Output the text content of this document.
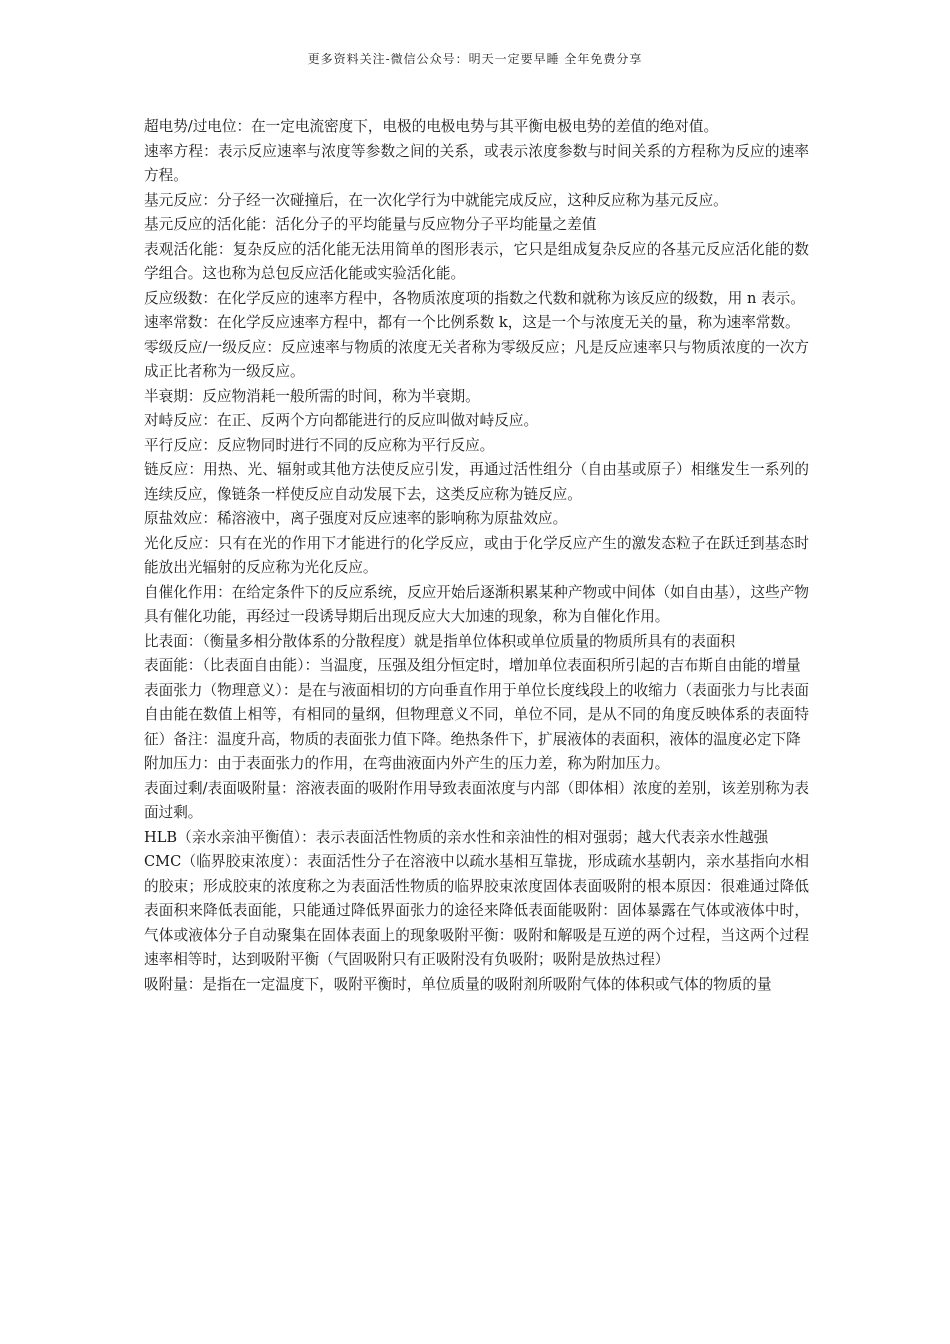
更多资料关注-微信公众号：明天一定要早睡 全年免费分享

超电势/过电位：在一定电流密度下，电极的电极电势与其平衡电极电势的差值的绝对值。

速率方程：表示反应速率与浓度等参数之间的关系，或表示浓度参数与时间关系的方程称为反应的速率方程。

基元反应：分子经一次碰撞后，在一次化学行为中就能完成反应，这种反应称为基元反应。

基元反应的活化能：活化分子的平均能量与反应物分子平均能量之差值

表观活化能：复杂反应的活化能无法用简单的图形表示，它只是组成复杂反应的各基元反应活化能的数学组合。这也称为总包反应活化能或实验活化能。

反应级数：在化学反应的速率方程中，各物质浓度项的指数之代数和就称为该反应的级数，用 n 表示。

速率常数：在化学反应速率方程中，都有一个比例系数 k，这是一个与浓度无关的量，称为速率常数。

零级反应/一级反应：反应速率与物质的浓度无关者称为零级反应；凡是反应速率只与物质浓度的一次方成正比者称为一级反应。

半衰期：反应物消耗一般所需的时间，称为半衰期。

对峙反应：在正、反两个方向都能进行的反应叫做对峙反应。

平行反应：反应物同时进行不同的反应称为平行反应。

链反应：用热、光、辐射或其他方法使反应引发，再通过活性组分（自由基或原子）相继发生一系列的连续反应，像链条一样使反应自动发展下去，这类反应称为链反应。

原盐效应：稀溶液中，离子强度对反应速率的影响称为原盐效应。

光化反应：只有在光的作用下才能进行的化学反应，或由于化学反应产生的激发态粒子在跃迁到基态时能放出光辐射的反应称为光化反应。

自催化作用：在给定条件下的反应系统，反应开始后逐渐积累某种产物或中间体（如自由基），这些产物具有催化功能，再经过一段诱导期后出现反应大大加速的现象，称为自催化作用。

比表面：（衡量多相分散体系的分散程度）就是指单位体积或单位质量的物质所具有的表面积

表面能：（比表面自由能）：当温度，压强及组分恒定时，增加单位表面积所引起的吉布斯自由能的增量

表面张力（物理意义）：是在与液面相切的方向垂直作用于单位长度线段上的收缩力（表面张力与比表面自由能在数值上相等，有相同的量纲，但物理意义不同，单位不同，是从不同的角度反映体系的表面特征）备注：温度升高，物质的表面张力值下降。绝热条件下，扩展液体的表面积，液体的温度必定下降

附加压力：由于表面张力的作用，在弯曲液面内外产生的压力差，称为附加压力。

表面过剩/表面吸附量：溶液表面的吸附作用导致表面浓度与内部（即体相）浓度的差别，该差别称为表面过剩。

HLB（亲水亲油平衡值）：表示表面活性物质的亲水性和亲油性的相对强弱；越大代表亲水性越强

CMC（临界胶束浓度）：表面活性分子在溶液中以疏水基相互靠拢，形成疏水基朝内，亲水基指向水相的胶束；形成胶束的浓度称之为表面活性物质的临界胶束浓度固体表面吸附的根本原因：很难通过降低表面积来降低表面能，只能通过降低界面张力的途径来降低表面能吸附：固体暴露在气体或液体中时，气体或液体分子自动聚集在固体表面上的现象吸附平衡：吸附和解吸是互逆的两个过程，当这两个过程速率相等时，达到吸附平衡（气固吸附只有正吸附没有负吸附；吸附是放热过程）

吸附量：是指在一定温度下，吸附平衡时，单位质量的吸附剂所吸附气体的体积或气体的物质的量
